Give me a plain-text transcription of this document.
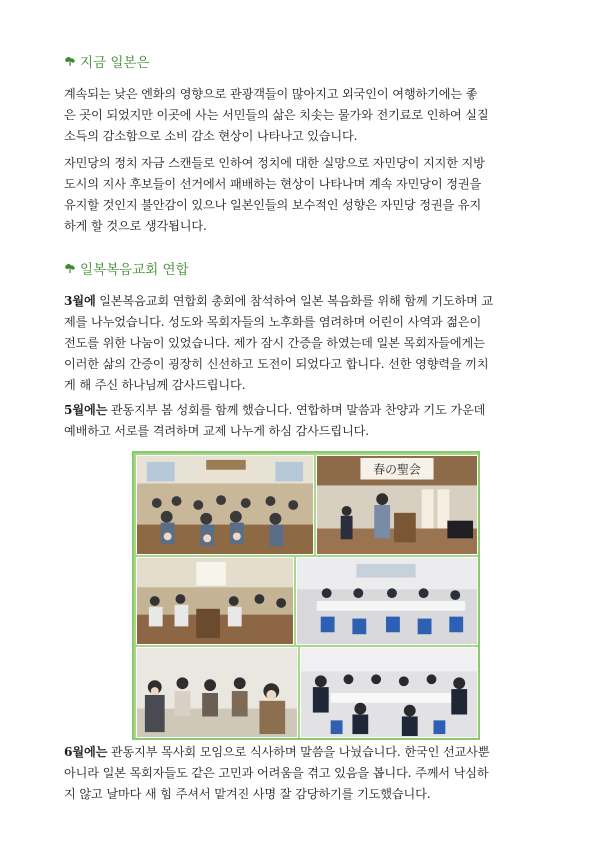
지금 일본은
계속되는 낮은 엔화의 영향으로 관광객들이 많아지고 외국인이 여행하기에는 좋
은 곳이 되었지만 이곳에 사는 서민들의 삶은 치솟는 물가와 전기료로 인하여 실질
소득의 감소함으로 소비 감소 현상이 나타나고 있습니다.
자민당의 정치 자금 스캔들로 인하여 정치에 대한 실망으로 자민당이 지지한 지방
도시의 지사 후보들이 선거에서 패배하는 현상이 나타나며 계속 자민당이 정권을
유지할 것인지 불안감이 있으나 일본인들의 보수적인 성향은 자민당 정권을 유지
하게 할 것으로 생각됩니다.
일복복음교회 연합
3월에 일본복음교회 연합회 총회에 참석하여 일본 복음화를 위해 함께 기도하며 교
제를 나누었습니다. 성도와 목회자들의 노후화를 염려하며 어린이 사역과 젊은이
전도를 위한 나눔이 있었습니다. 제가 잠시 간증을 하였는데 일본 목회자들에게는
이러한 삶의 간증이 굉장히 신선하고 도전이 되었다고 합니다. 선한 영향력을 끼치
게 해 주신 하나님께 감사드립니다.
5월에는 관동지부 봄 성회를 함께 했습니다. 연합하며 말씀과 찬양과 기도 가운데
예배하고 서로를 격려하며 교제 나누게 하심 감사드립니다.
春の聖会
6월에는 관동지부 목사회 모임으로 식사하며 말씀을 나눴습니다. 한국인 선교사뿐
아니라 일본 목회자들도 같은 고민과 어려움을 겪고 있음을 봅니다. 주께서 낙심하
지 않고 날마다 새 힘 주셔서 맡겨진 사명 잘 감당하기를 기도했습니다.
